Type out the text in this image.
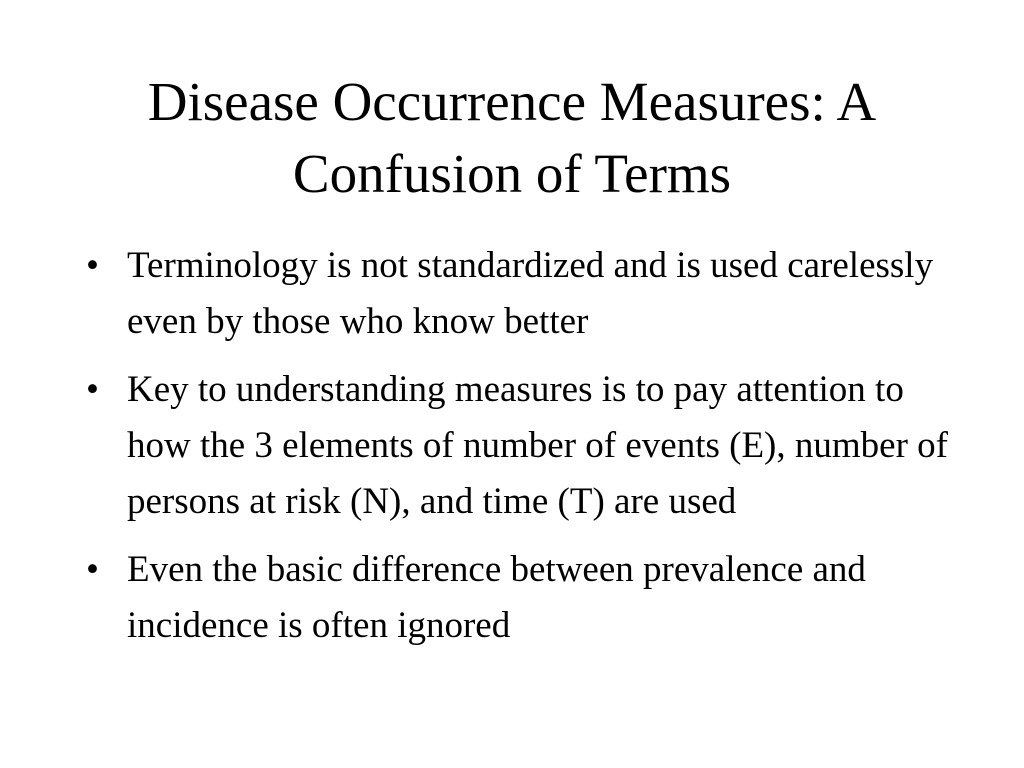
Disease Occurrence Measures: A Confusion of Terms
• Terminology is not standardized and is used carelessly even by those who know better
• Key to understanding measures is to pay attention to how the 3 elements of number of events (E), number of persons at risk (N), and time (T) are used
• Even the basic difference between prevalence and incidence is often ignored
